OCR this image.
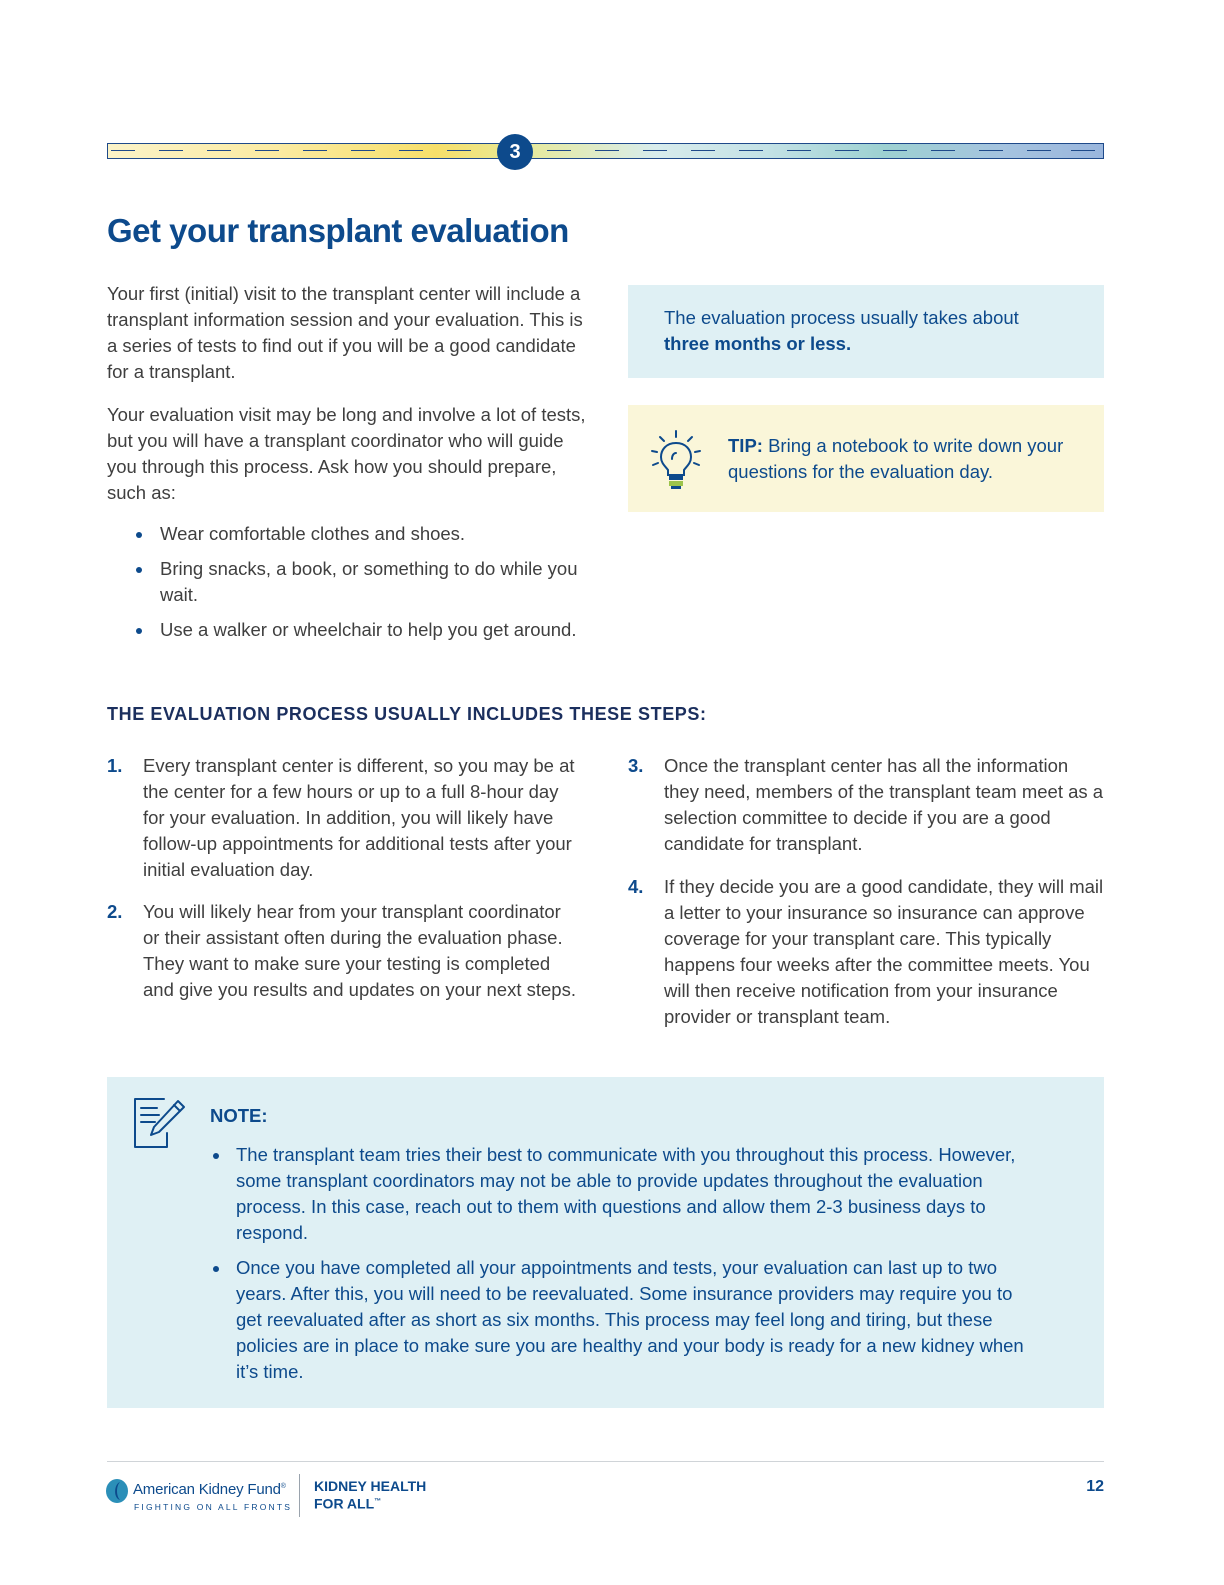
3
Get your transplant evaluation

Your first (initial) visit to the transplant center will include a transplant information session and your evaluation. This is a series of tests to find out if you will be a good candidate for a transplant.

Your evaluation visit may be long and involve a lot of tests, but you will have a transplant coordinator who will guide you through this process. Ask how you should prepare, such as:

Wear comfortable clothes and shoes.
Bring snacks, a book, or something to do while you wait.
Use a walker or wheelchair to help you get around.

The evaluation process usually takes about
three months or less.

TIP: Bring a notebook to write down your questions for the evaluation day.

THE EVALUATION PROCESS USUALLY INCLUDES THESE STEPS:
1. Every transplant center is different, so you may be at the center for a few hours or up to a full 8-hour day for your evaluation. In addition, you will likely have follow-up appointments for additional tests after your initial evaluation day.

2. You will likely hear from your transplant coordinator or their assistant often during the evaluation phase. They want to make sure your testing is completed and give you results and updates on your next steps.

3. Once the transplant center has all the information they need, members of the transplant team meet as a selection committee to decide if you are a good candidate for transplant.

4. If they decide you are a good candidate, they will mail a letter to your insurance so insurance can approve coverage for your transplant care. This typically happens four weeks after the committee meets. You will then receive notification from your insurance provider or transplant team.

NOTE:

The transplant team tries their best to communicate with you throughout this process. However, some transplant coordinators may not be able to provide updates throughout the evaluation process. In this case, reach out to them with questions and allow them 2-3 business days to respond.
Once you have completed all your appointments and tests, your evaluation can last up to two years. After this, you will need to be reevaluated. Some insurance providers may require you to get reevaluated after as short as six months. This process may feel long and tiring, but these policies are in place to make sure you are healthy and your body is ready for a new kidney when it’s time.
American Kidney Fund®
FIGHTING ON ALL FRONTS
KIDNEY HEALTH
FOR ALL™
12
